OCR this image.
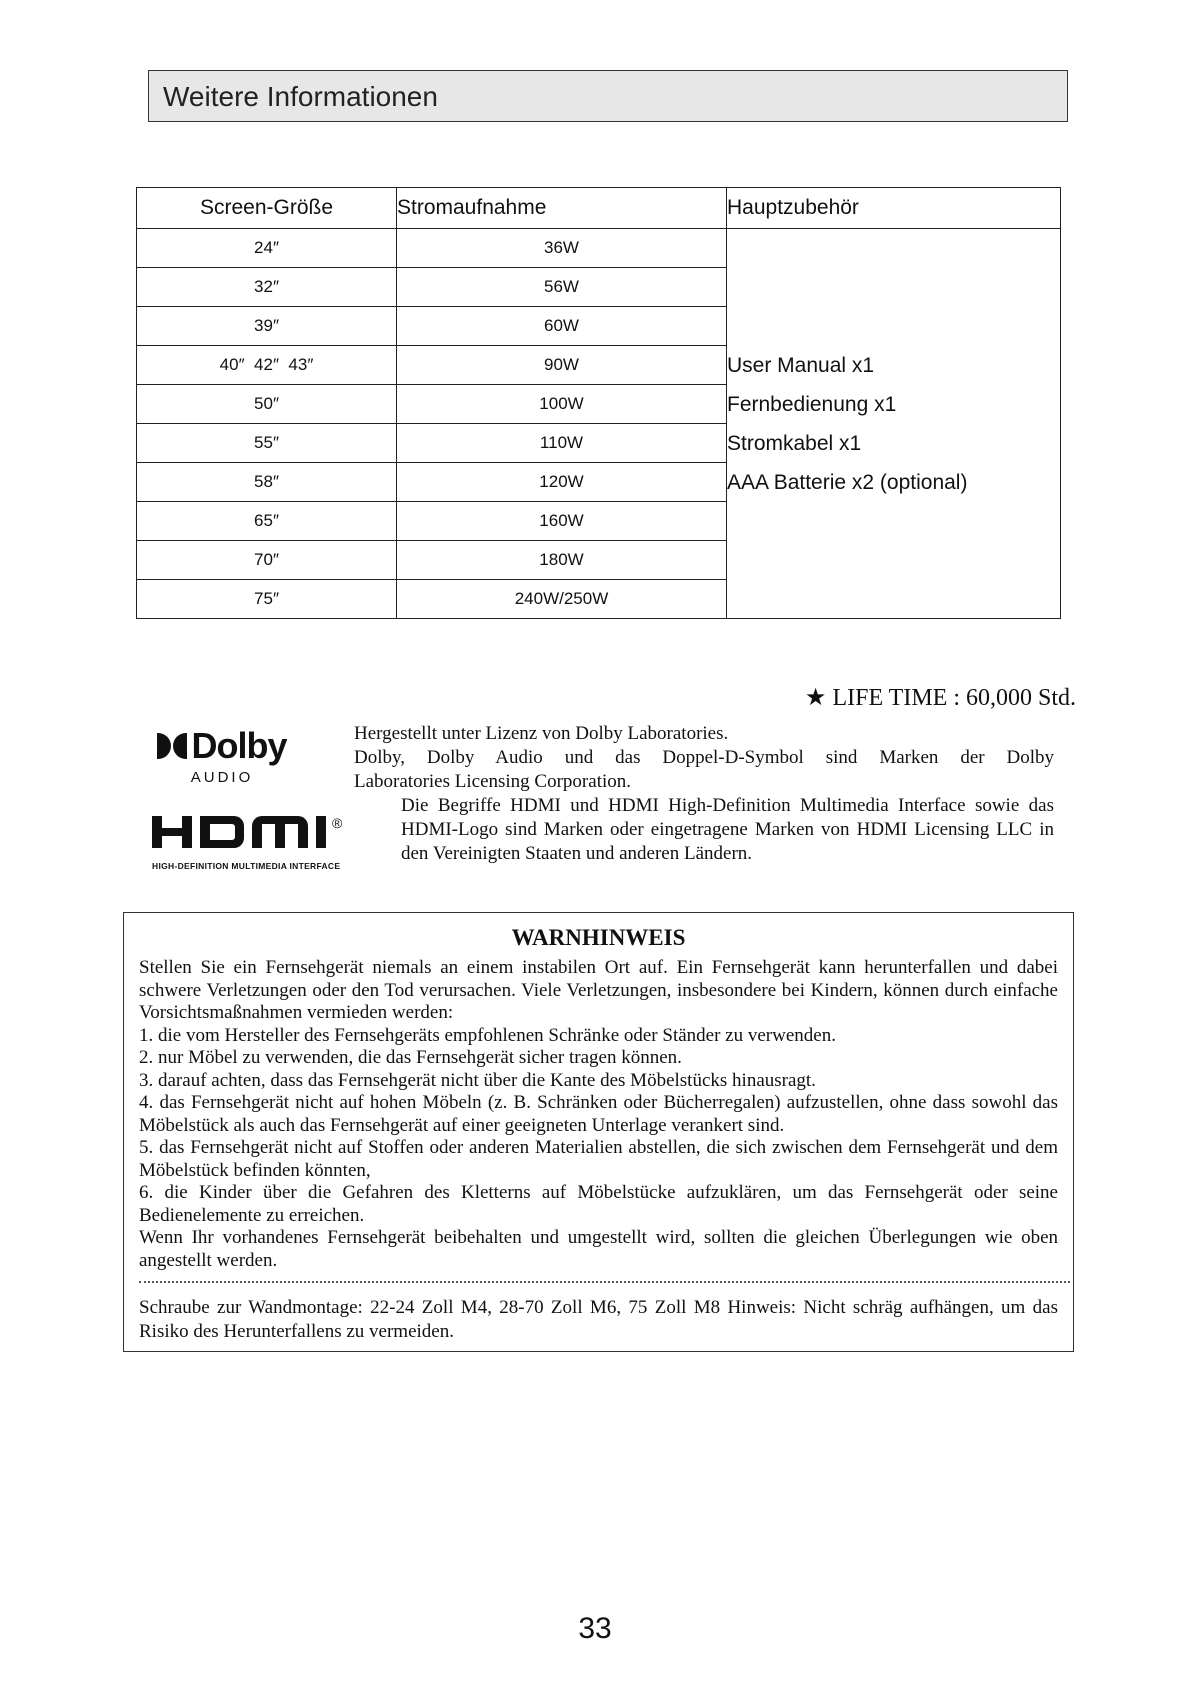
Weitere Informationen
Screen-Größe	Stromaufnahme	Hauptzubehör
24″	36W	User Manual x1
Fernbedienung x1
Stromkabel x1
AAA Batterie x2 (optional)

32″	56W	
39″	60W	
40″  42″  43″	90W	
50″	100W	
55″	110W	
58″	120W	
65″	160W	
70″	180W	
75″	240W/250W	
★ LIFE TIME : 60,000 Std.
Dolby
AUDIO
®
HIGH-DEFINITION MULTIMEDIA INTERFACE
Hergestellt unter Lizenz von Dolby Laboratories.
Dolby, Dolby Audio und das Doppel-D-Symbol sind Marken der Dolby
Laboratories Licensing Corporation.
Die Begriffe HDMI und HDMI High-Definition Multimedia Interface sowie das HDMI-Logo sind Marken oder eingetragene Marken von HDMI Licensing LLC in den Vereinigten Staaten und anderen Ländern.
WARNHINWEIS

Stellen Sie ein Fernsehgerät niemals an einem instabilen Ort auf. Ein Fernsehgerät kann herunterfallen und dabei schwere Verletzungen oder den Tod verursachen. Viele Verletzungen, insbesondere bei Kindern, können durch einfache Vorsichtsmaßnahmen vermieden werden:

1. die vom Hersteller des Fernsehgeräts empfohlenen Schränke oder Ständer zu verwenden.

2. nur Möbel zu verwenden, die das Fernsehgerät sicher tragen können.

3. darauf achten, dass das Fernsehgerät nicht über die Kante des Möbelstücks hinausragt.

4. das Fernsehgerät nicht auf hohen Möbeln (z. B. Schränken oder Bücherregalen) aufzustellen, ohne dass sowohl das Möbelstück als auch das Fernsehgerät auf einer geeigneten Unterlage verankert sind.

5. das Fernsehgerät nicht auf Stoffen oder anderen Materialien abstellen, die sich zwischen dem Fernsehgerät und dem Möbelstück befinden könnten,

6. die Kinder über die Gefahren des Kletterns auf Möbelstücke aufzuklären, um das Fernsehgerät oder seine Bedienelemente zu erreichen.

Wenn Ihr vorhandenes Fernsehgerät beibehalten und umgestellt wird, sollten die gleichen Überlegungen wie oben angestellt werden.

Schraube zur Wandmontage: 22-24 Zoll M4, 28-70 Zoll M6, 75 Zoll M8 Hinweis: Nicht schräg aufhängen, um das Risiko des Herunterfallens zu vermeiden.
33
